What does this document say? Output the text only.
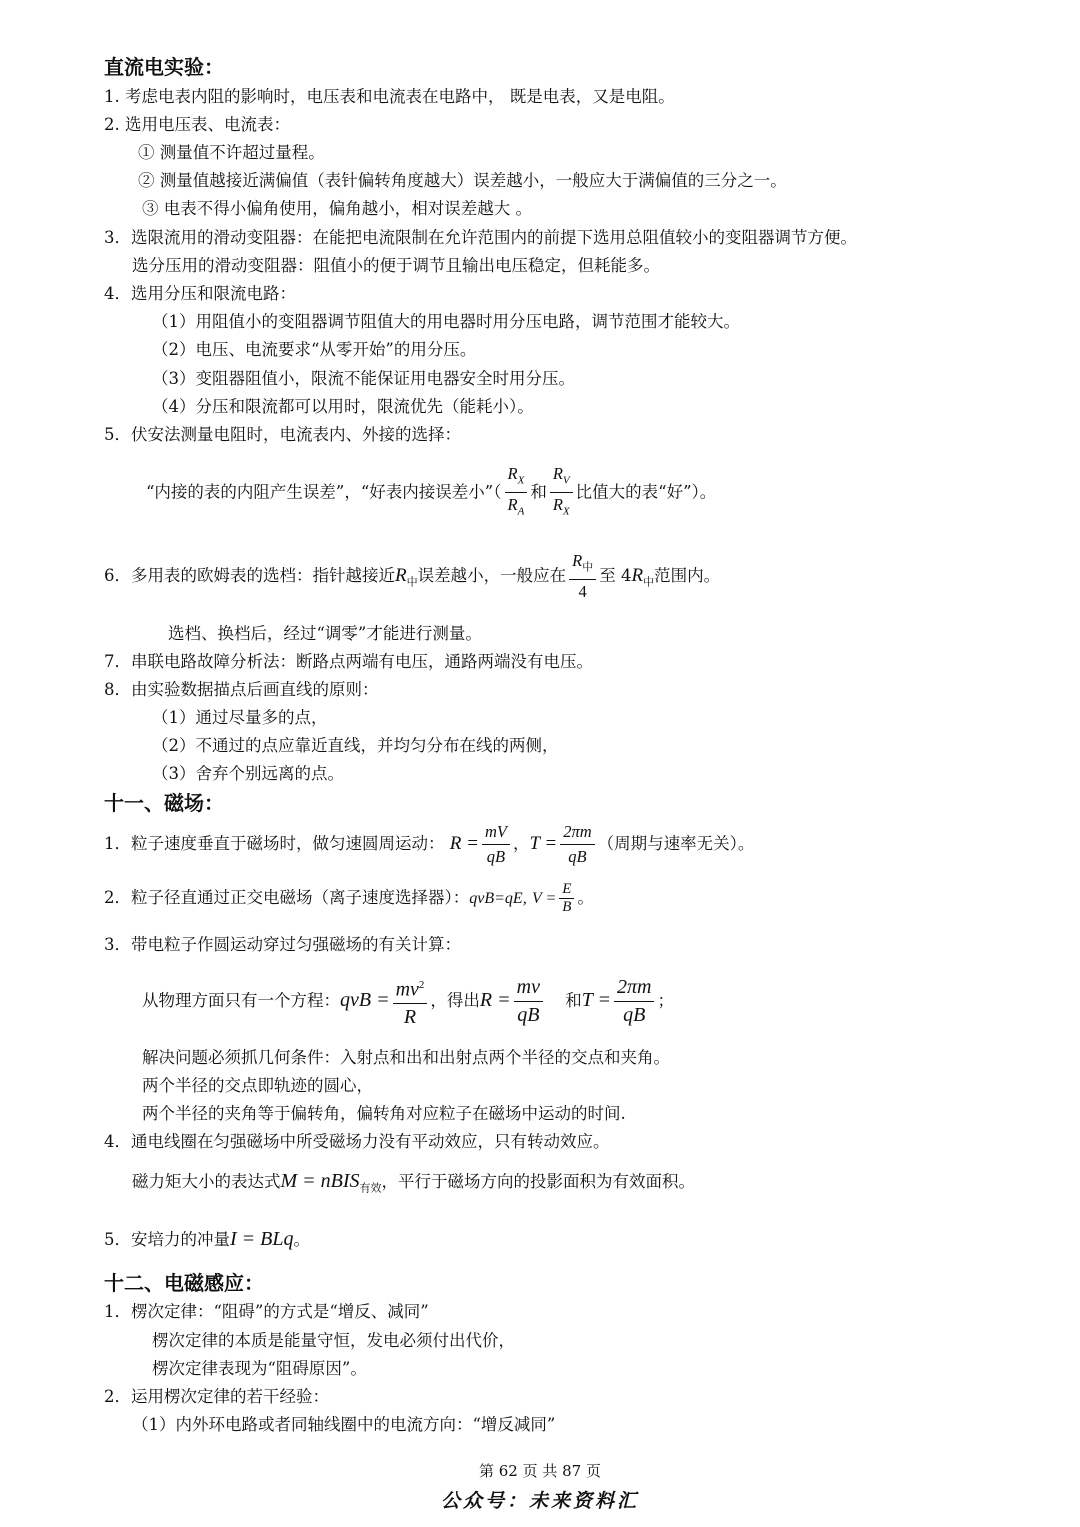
直流电实验：
1. 考虑电表内阻的影响时，电压表和电流表在电路中， 既是电表，又是电阻。
2. 选用电压表、电流表：
① 测量值不许超过量程。
② 测量值越接近满偏值（表针偏转角度越大）误差越小，一般应大于满偏值的三分之一。
③ 电表不得小偏角使用，偏角越小，相对误差越大 。
3．选限流用的滑动变阻器：在能把电流限制在允许范围内的前提下选用总阻值较小的变阻器调节方便。
选分压用的滑动变阻器：阻值小的便于调节且输出电压稳定，但耗能多。
4．选用分压和限流电路：
（1）用阻值小的变阻器调节阻值大的用电器时用分压电路，调节范围才能较大。
（2）电压、电流要求“从零开始”的用分压。
（3）变阻器阻值小，限流不能保证用电器安全时用分压。
（4）分压和限流都可以用时，限流优先（能耗小）。
5．伏安法测量电阻时，电流表内、外接的选择：
“内接的表的内阻产生误差”，“好表内接误差小”（ $\frac{R_X}{R_A}$ 和 $\frac{R_V}{R_X}$ 比值大的表“好”）。
6．多用表的欧姆表的选档：指针越接近$R_中$误差越小，一般应在 $\frac{R_中}{4}$ 至 $4R_中$范围内。
选档、换档后，经过“调零”才能进行测量。
7．串联电路故障分析法：断路点两端有电压，通路两端没有电压。
8．由实验数据描点后画直线的原则：
（1）通过尽量多的点，
（2）不通过的点应靠近直线，并均匀分布在线的两侧，
（3）舍弃个别远离的点。
十一、磁场：
1．粒子速度垂直于磁场时，做匀速圆周运动： $R = \frac{mV}{qB}$ ，$T = \frac{2\pi m}{qB}$ （周期与速率无关）。
2．粒子径直通过正交电磁场（离子速度选择器）：qvB=qE, $V = \frac{E}{B}$ 。
3．带电粒子作圆运动穿过匀强磁场的有关计算：
从物理方面只有一个方程：qvB = $\frac{mv^2}{R}$ ，得出$R = \frac{mv}{qB}$ 和$T = \frac{2\pi m}{qB}$ ；
解决问题必须抓几何条件：入射点和出和出射点两个半径的交点和夹角。
两个半径的交点即轨迹的圆心，
两个半径的夹角等于偏转角，偏转角对应粒子在磁场中运动的时间.
4．通电线圈在匀强磁场中所受磁场力没有平动效应，只有转动效应。
磁力矩大小的表达式M = nBIS$_{有效}$，平行于磁场方向的投影面积为有效面积。
5．安培力的冲量I = BLq。
十二、电磁感应：
1．楞次定律：“阻碍”的方式是“增反、减同”
楞次定律的本质是能量守恒，发电必须付出代价，
楞次定律表现为“阻碍原因”。
2．运用楞次定律的若干经验：
（1）内外环电路或者同轴线圈中的电流方向：“增反减同”
第 62 页 共 87 页
公众号：未来资料汇
